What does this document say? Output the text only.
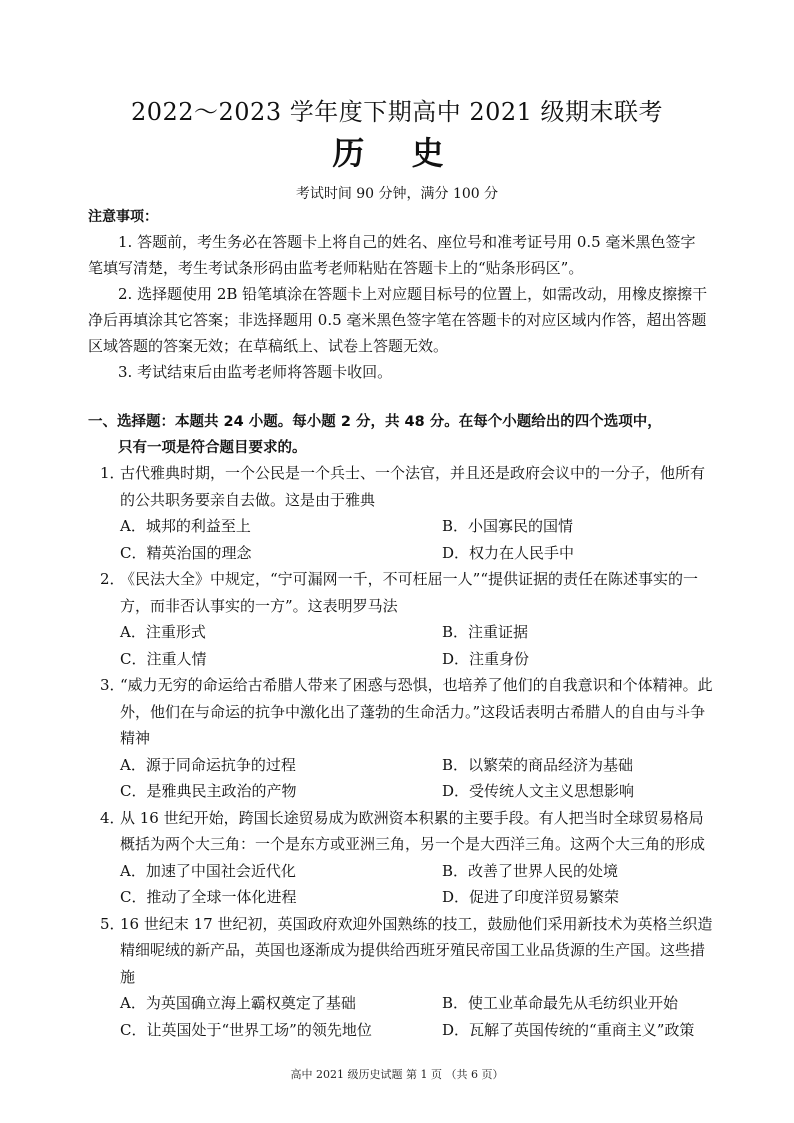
2022～2023 学年度下期高中 2021 级期末联考
历 史
考试时间 90 分钟，满分 100 分
注意事项：

1. 答题前，考生务必在答题卡上将自己的姓名、座位号和准考证号用 0.5 毫米黑色签字笔填写清楚，考生考试条形码由监考老师粘贴在答题卡上的“贴条形码区”。

2. 选择题使用 2B 铅笔填涂在答题卡上对应题目标号的位置上，如需改动，用橡皮擦擦干净后再填涂其它答案；非选择题用 0.5 毫米黑色签字笔在答题卡的对应区域内作答，超出答题区域答题的答案无效；在草稿纸上、试卷上答题无效。

3. 考试结束后由监考老师将答题卡收回。

一、选择题：本题共 24 小题。每小题 2 分，共 48 分。在每个小题给出的四个选项中，
只有一项是符合题目要求的。
1．
古代雅典时期，一个公民是一个兵士、一个法官，并且还是政府会议中的一分子，他所有的公共职务要亲自去做。这是由于雅典
A．城邦的利益至上	B．小国寡民的国情
C．精英治国的理念	D．权力在人民手中
2．
《民法大全》中规定，“宁可漏网一千，不可枉屈一人”“提供证据的责任在陈述事实的一方，而非否认事实的一方”。这表明罗马法
A．注重形式	B．注重证据
C．注重人情	D．注重身份
3．
“威力无穷的命运给古希腊人带来了困惑与恐惧，也培养了他们的自我意识和个体精神。此外，他们在与命运的抗争中激化出了蓬勃的生命活力。”这段话表明古希腊人的自由与斗争精神
A．源于同命运抗争的过程	B．以繁荣的商品经济为基础
C．是雅典民主政治的产物	D．受传统人文主义思想影响
4．
从 16 世纪开始，跨国长途贸易成为欧洲资本积累的主要手段。有人把当时全球贸易格局概括为两个大三角：一个是东方或亚洲三角，另一个是大西洋三角。这两个大三角的形成
A．加速了中国社会近代化	B．改善了世界人民的处境
C．推动了全球一体化进程	D．促进了印度洋贸易繁荣
5．
16 世纪末 17 世纪初，英国政府欢迎外国熟练的技工，鼓励他们采用新技术为英格兰织造精细呢绒的新产品，英国也逐渐成为提供给西班牙殖民帝国工业品货源的生产国。这些措施
A．为英国确立海上霸权奠定了基础	B．使工业革命最先从毛纺织业开始
C．让英国处于“世界工场”的领先地位	D．瓦解了英国传统的“重商主义”政策
高中 2021 级历史试题 第 1 页 （共 6 页）
